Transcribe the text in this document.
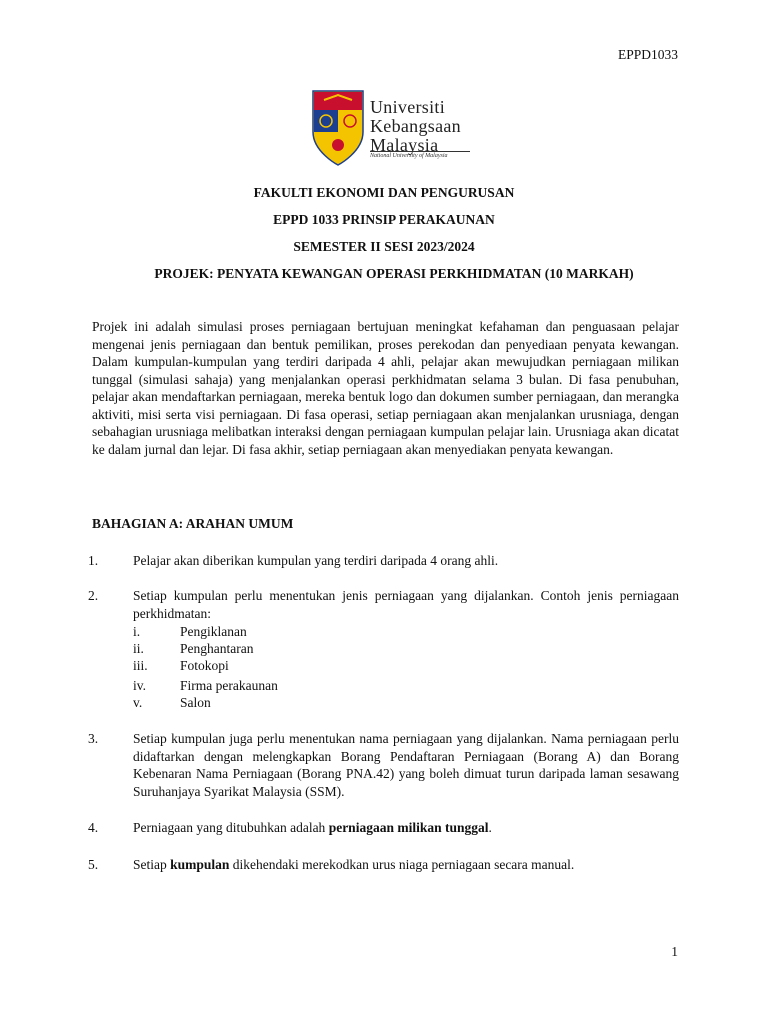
EPPD1033
Universiti
Kebangsaan
Malaysia
National University of Malaysia
FAKULTI EKONOMI DAN PENGURUSAN
EPPD 1033 PRINSIP PERAKAUNAN
SEMESTER II SESI 2023/2024
PROJEK: PENYATA KEWANGAN OPERASI PERKHIDMATAN (10 MARKAH)

Projek ini adalah simulasi proses perniagaan bertujuan meningkat kefahaman dan penguasaan pelajar mengenai jenis perniagaan dan bentuk pemilikan, proses perekodan dan penyediaan penyata kewangan. Dalam kumpulan-kumpulan yang terdiri daripada 4 ahli, pelajar akan mewujudkan perniagaan milikan tunggal (simulasi sahaja) yang menjalankan operasi perkhidmatan selama 3 bulan. Di fasa penubuhan, pelajar akan mendaftarkan perniagaan, mereka bentuk logo dan dokumen sumber perniagaan, dan merangka aktiviti, misi serta visi perniagaan. Di fasa operasi, setiap perniagaan akan menjalankan urusniaga, dengan sebahagian urusniaga melibatkan interaksi dengan perniagaan kumpulan pelajar lain. Urusniaga akan dicatat ke dalam jurnal dan lejar. Di fasa akhir, setiap perniagaan akan menyediakan penyata kewangan.

BAHAGIAN A: ARAHAN UMUM
1.	Pelajar akan diberikan kumpulan yang terdiri daripada 4 orang ahli.
2.	Setiap kumpulan perlu menentukan jenis perniagaan yang dijalankan. Contoh jenis perniagaan perkhidmatan:
i.	Pengiklanan
ii.	Penghantaran
iii. Fotokopi
iv.	Firma perakaunan
v.	Salon
3.	Setiap kumpulan juga perlu menentukan nama perniagaan yang dijalankan. Nama perniagaan perlu didaftarkan dengan melengkapkan Borang Pendaftaran Perniagaan (Borang A) dan Borang Kebenaran Nama Perniagaan (Borang PNA.42) yang boleh dimuat turun daripada laman sesawang Suruhanjaya Syarikat Malaysia (SSM).
4.	Perniagaan yang ditubuhkan adalah perniagaan milikan tunggal.
5.	Setiap kumpulan dikehendaki merekodkan urus niaga perniagaan secara manual.
1
